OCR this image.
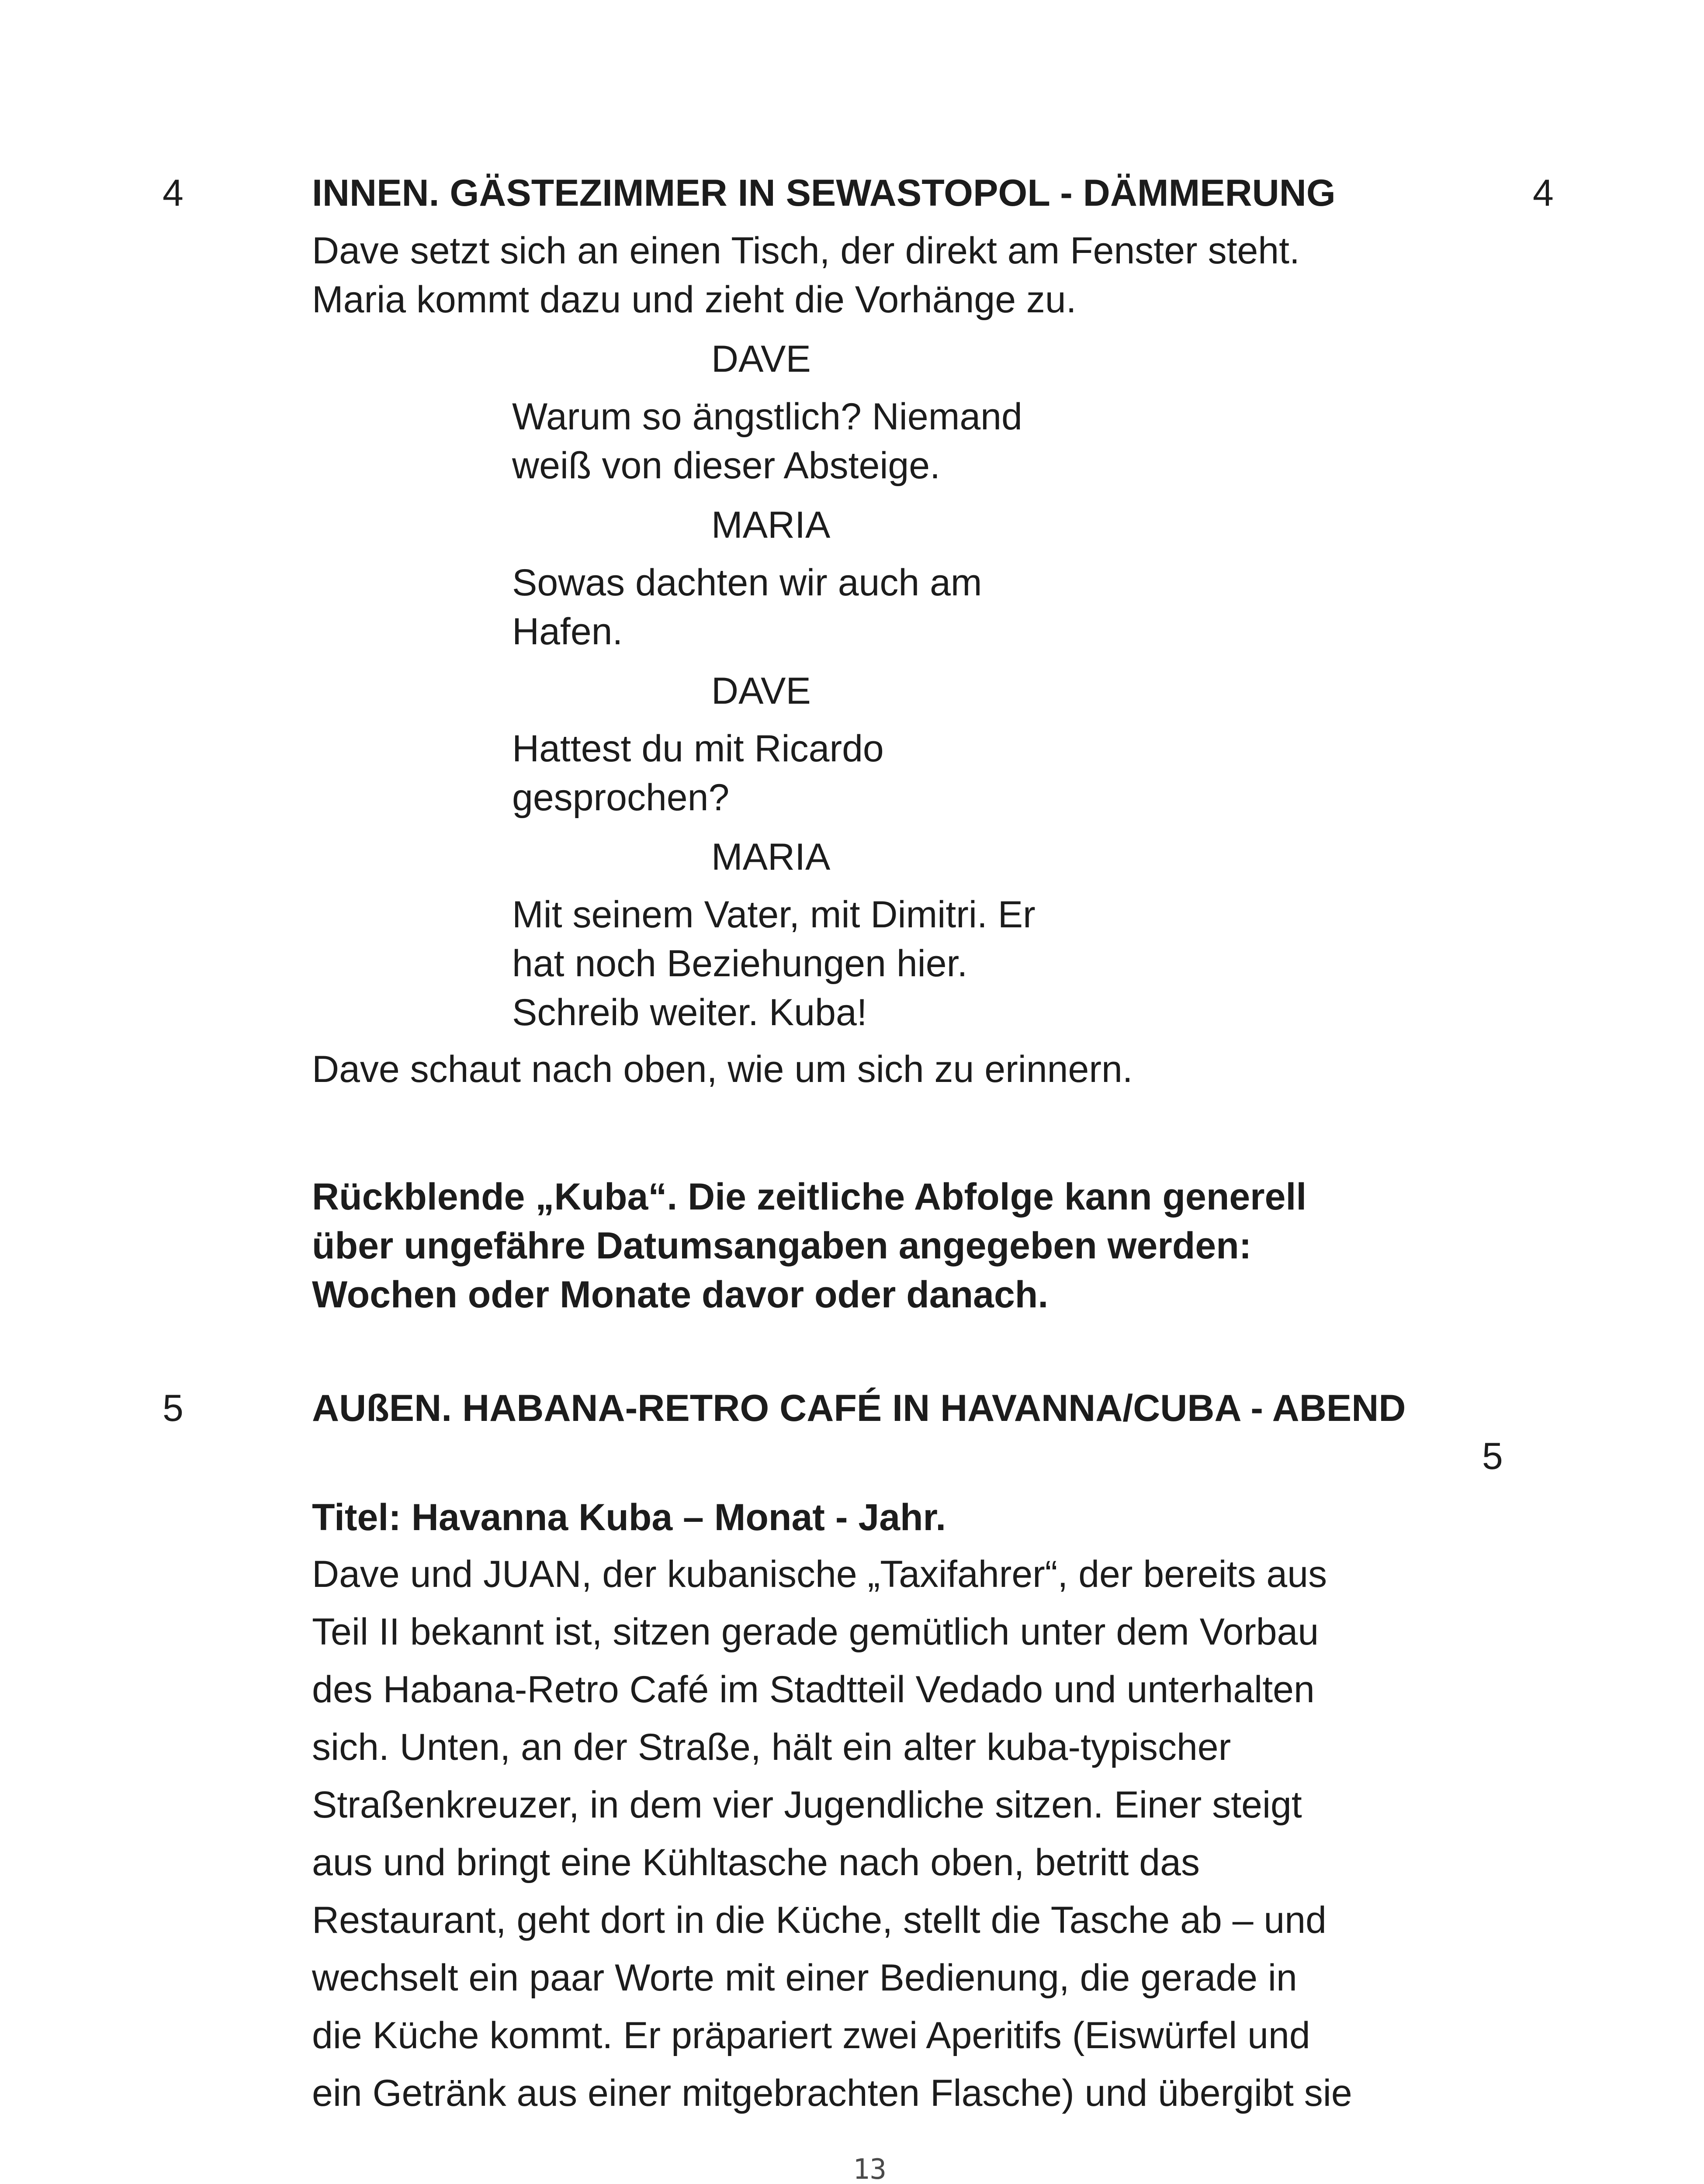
4	INNEN. GÄSTEZIMMER IN SEWASTOPOL - DÄMMERUNG	4
Dave setzt sich an einen Tisch, der direkt am Fenster steht.
Maria kommt dazu und zieht die Vorhänge zu.
DAVE
Warum so ängstlich? Niemand
weiß von dieser Absteige.
MARIA
Sowas dachten wir auch am
Hafen.
DAVE
Hattest du mit Ricardo
gesprochen?
MARIA
Mit seinem Vater, mit Dimitri. Er
hat noch Beziehungen hier.
Schreib weiter. Kuba!
Dave schaut nach oben, wie um sich zu erinnern.
Rückblende „Kuba“. Die zeitliche Abfolge kann generell
über ungefähre Datumsangaben angegeben werden:
Wochen oder Monate davor oder danach.
5	AUßEN. HABANA-RETRO CAFÉ IN HAVANNA/CUBA - ABEND
5
Titel: Havanna Kuba – Monat - Jahr.
Dave und JUAN, der kubanische „Taxifahrer“, der bereits aus
Teil II bekannt ist, sitzen gerade gemütlich unter dem Vorbau
des Habana-Retro Café im Stadtteil Vedado und unterhalten
sich. Unten, an der Straße, hält ein alter kuba-typischer
Straßenkreuzer, in dem vier Jugendliche sitzen. Einer steigt
aus und bringt eine Kühltasche nach oben, betritt das
Restaurant, geht dort in die Küche, stellt die Tasche ab – und
wechselt ein paar Worte mit einer Bedienung, die gerade in
die Küche kommt. Er präpariert zwei Aperitifs (Eiswürfel und
ein Getränk aus einer mitgebrachten Flasche) und übergibt sie
13
